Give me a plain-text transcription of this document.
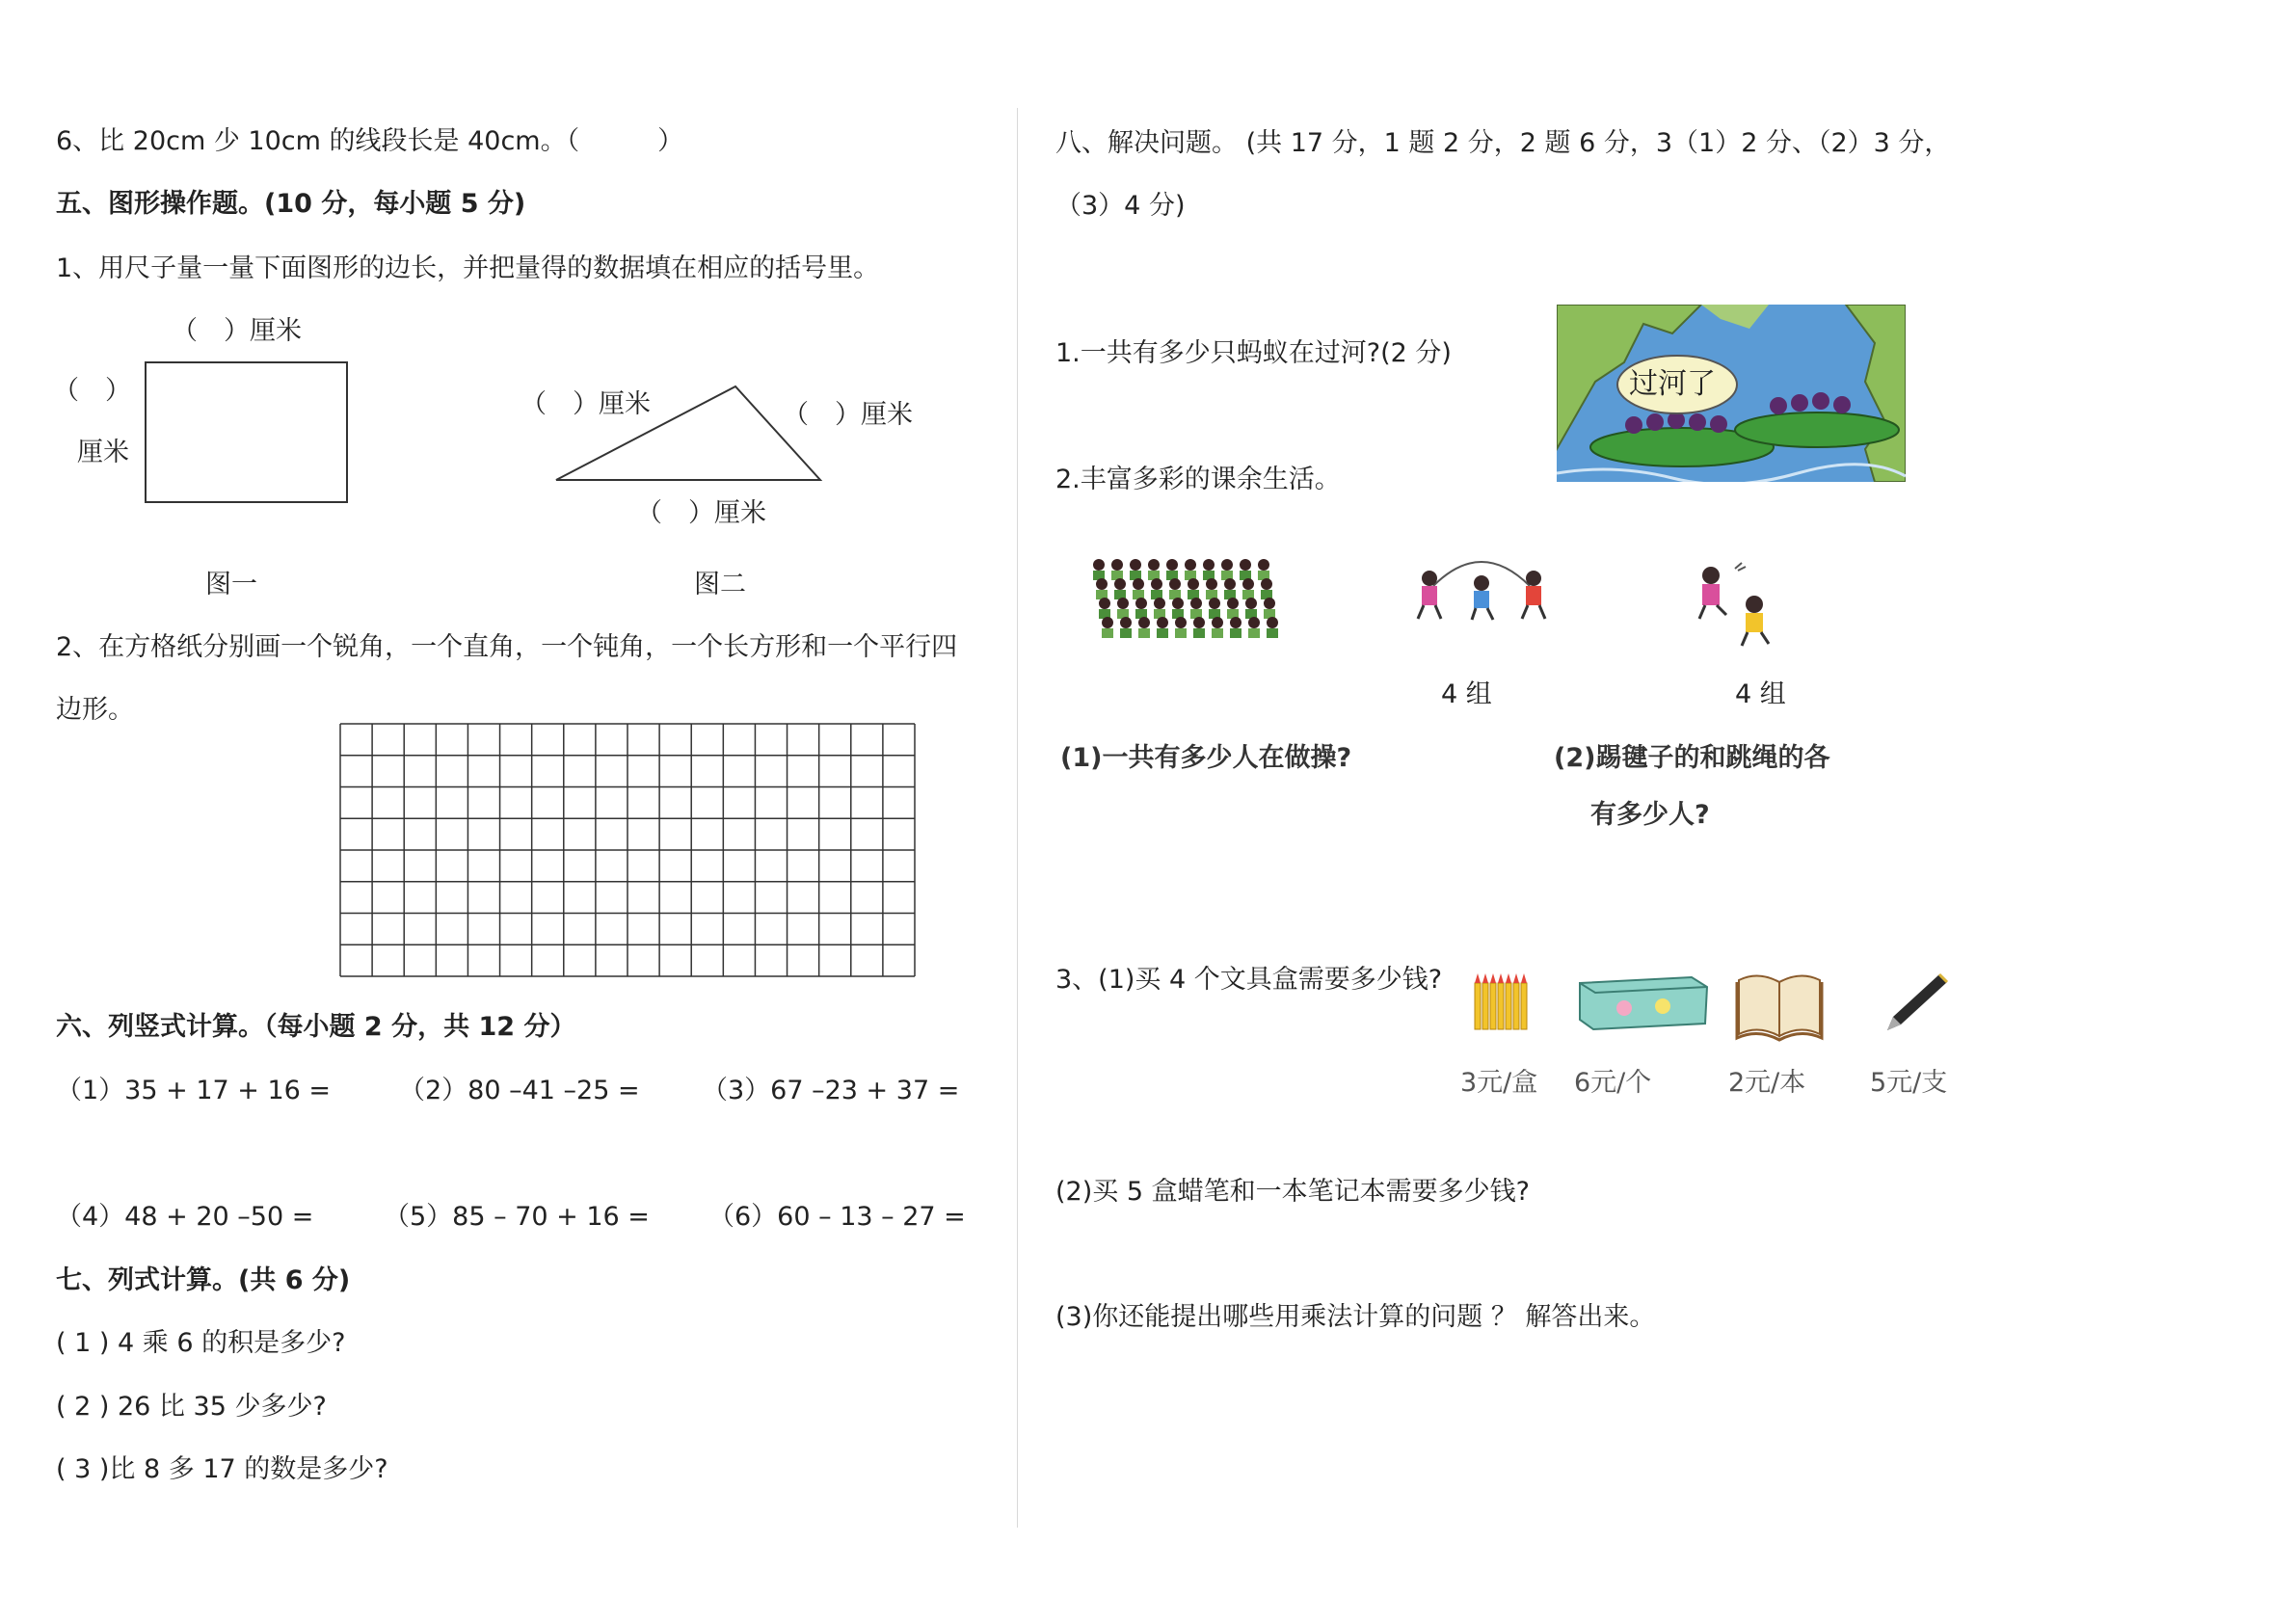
6、比 20cm 少 10cm 的线段长是 40cm。（　　　）
五、图形操作题。(10 分，每小题 5 分)
1、用尺子量一量下面图形的边长，并把量得的数据填在相应的括号里。
（　）厘米
（　）
厘米
（　）厘米	（　）厘米
（　）厘米
图一	图二
2、在方格纸分别画一个锐角，一个直角，一个钝角，一个长方形和一个平行四
边形。
六、列竖式计算。（每小题 2 分，共 12 分）
（1）35 + 17 + 16 =	（2）80 –41 –25 = （3）67 –23 + 37 =
（4）48 + 20 –50 =	（5）85 – 70 + 16 = （6）60 – 13 – 27 =
七、列式计算。(共 6 分)
( 1 ) 4 乘 6 的积是多少?
( 2 ) 26 比 35 少多少?
( 3 )比 8 多 17 的数是多少?
八、解决问题。 (共 17 分，1 题 2 分，2 题 6 分，3（1）2 分、（2）3 分，
（3）4 分)
1.一共有多少只蚂蚁在过河?(2 分)
过河了
2.丰富多彩的课余生活。
4 组	4 组
(1)一共有多少人在做操?	(2)踢毽子的和跳绳的各
有多少人?
3、(1)买 4 个文具盒需要多少钱?
3元/盒 6元/个	2元/本 5元/支
(2)买 5 盒蜡笔和一本笔记本需要多少钱?
(3)你还能提出哪些用乘法计算的问题 ？ 解答出来。
